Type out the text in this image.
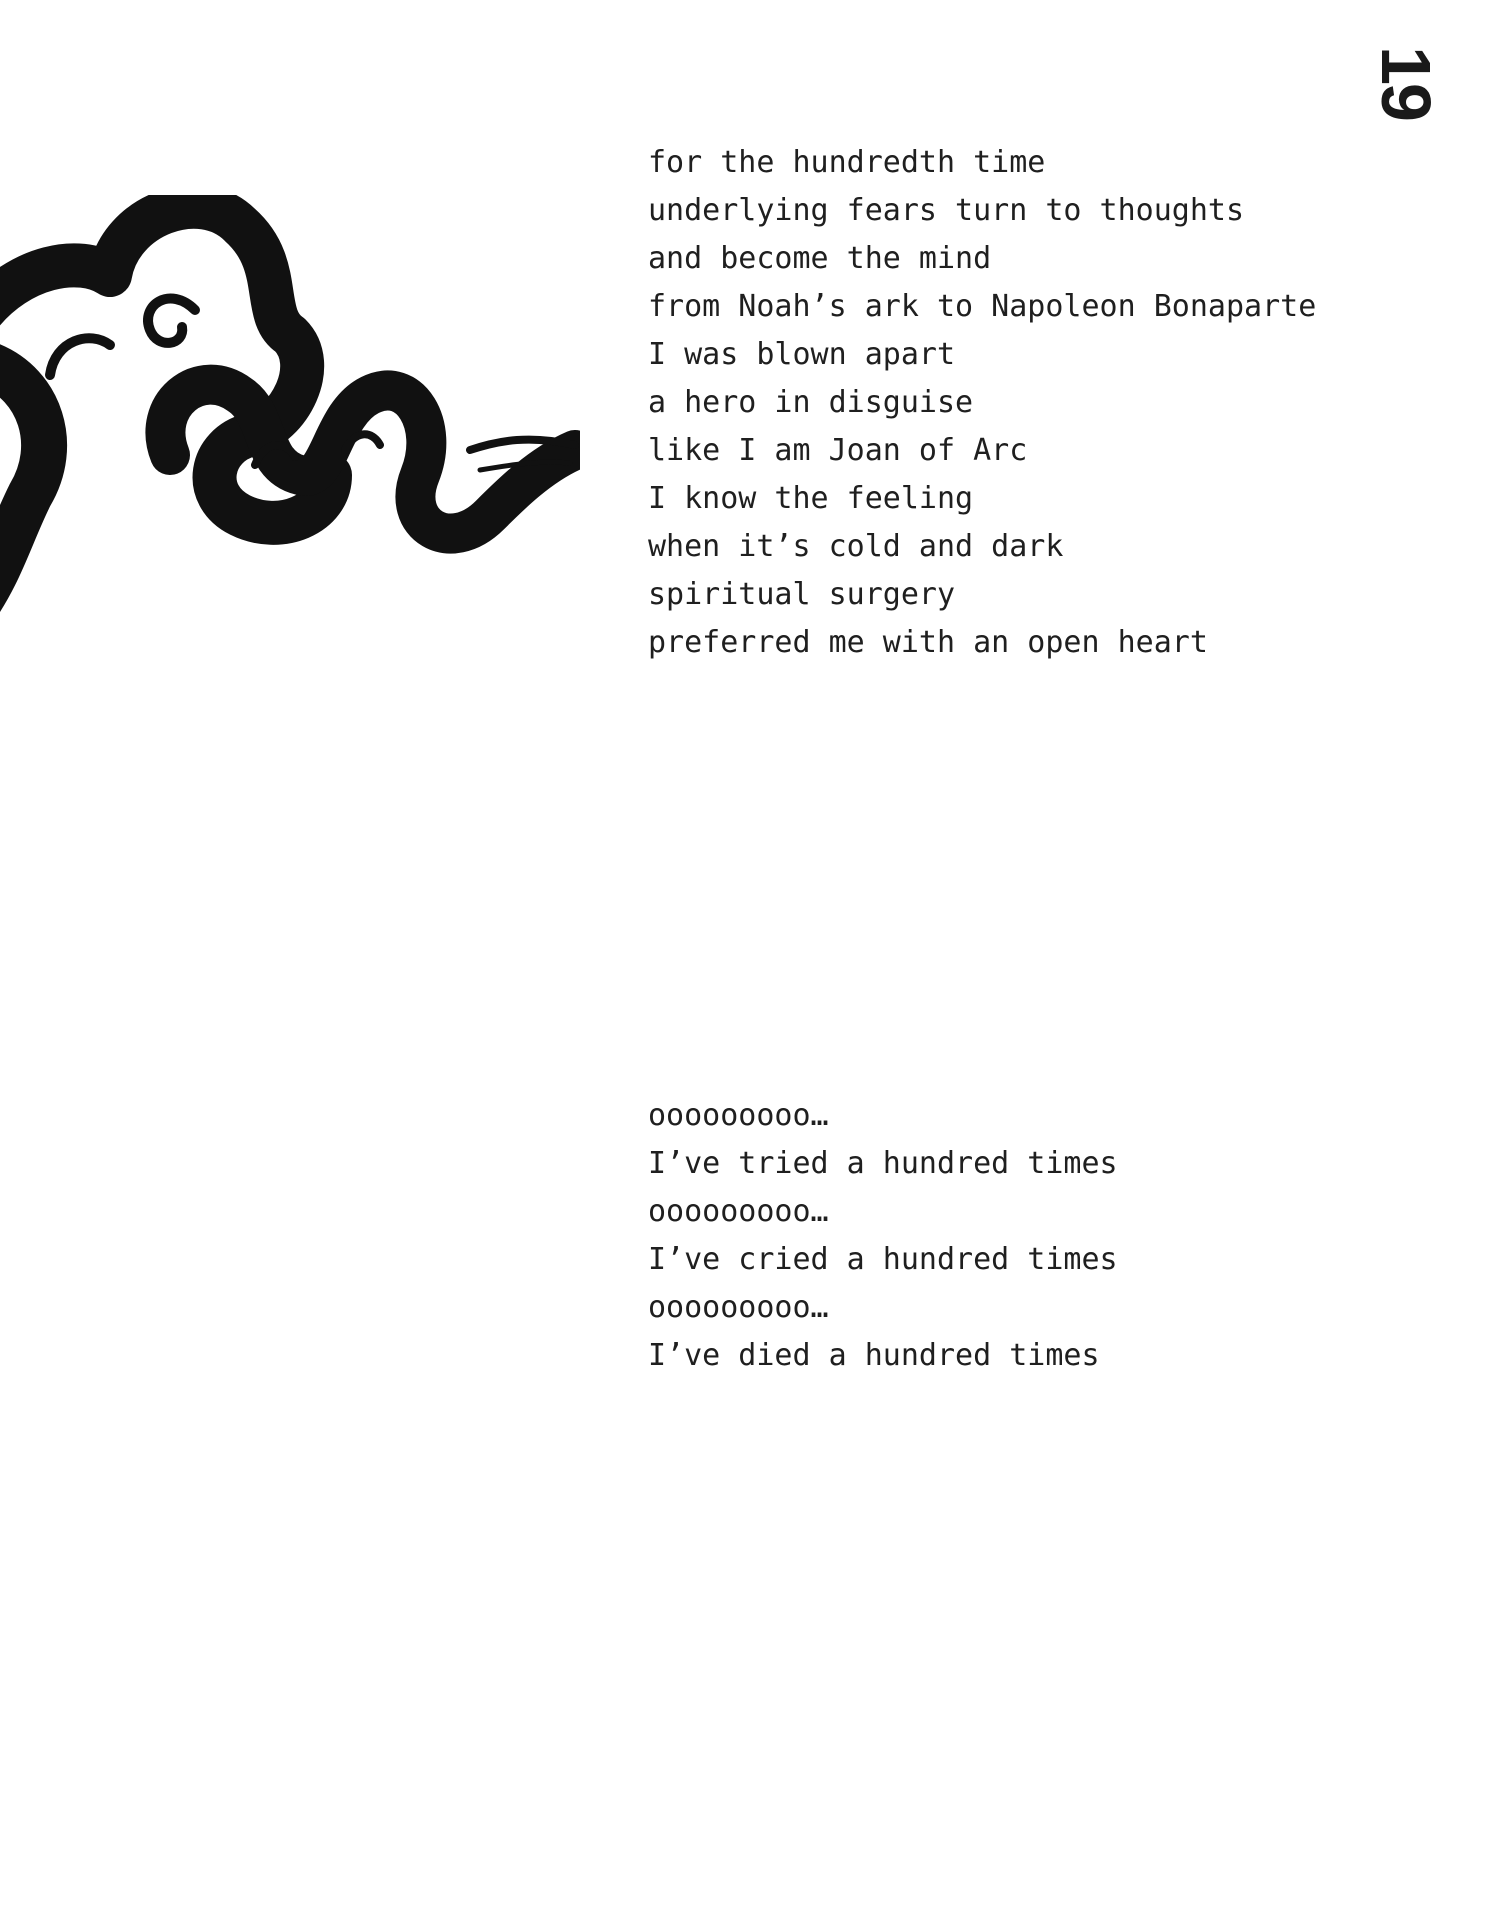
19
for the hundredth time
underlying fears turn to thoughts
and become the mind
from Noah’s ark to Napoleon Bonaparte
I was blown apart
a hero in disguise
like I am Joan of Arc
I know the feeling
when it’s cold and dark
spiritual surgery
preferred me with an open heart
ooooooooo…
I’ve tried a hundred times
ooooooooo…
I’ve cried a hundred times
ooooooooo…
I’ve died a hundred times
